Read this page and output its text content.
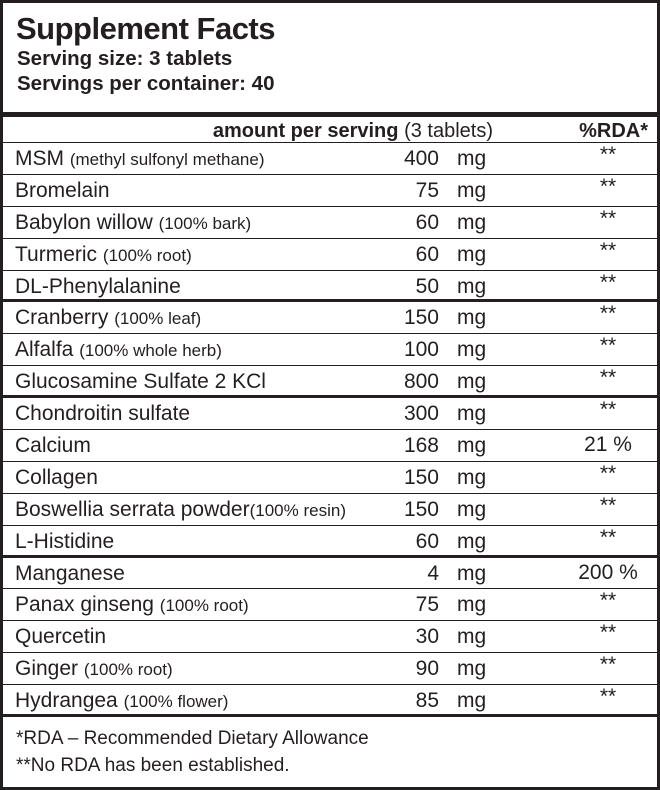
Supplement Facts
Serving size: 3 tablets
Servings per container: 40
amount per serving (3 tablets)	%RDA*
MSM (methyl sulfonyl methane)	400 mg	**
Bromelain	75 mg	**
Babylon willow (100% bark)	60 mg	**
Turmeric (100% root)	60 mg	**
DL-Phenylalanine	50 mg	**
Cranberry (100% leaf)	150 mg	**
Alfalfa (100% whole herb)	100 mg	**
Glucosamine Sulfate 2 KCl	800 mg	**
Chondroitin sulfate	300 mg	**
Calcium	168 mg	21 %
Collagen	150 mg	**
Boswellia serrata powder(100% resin)	150 mg	**
L-Histidine	60 mg	**
Manganese	4 mg	200 %
Panax ginseng (100% root)	75 mg	**
Quercetin	30 mg	**
Ginger (100% root)	90 mg	**
Hydrangea (100% flower)	85 mg	**
*RDA – Recommended Dietary Allowance
**No RDA has been established.
